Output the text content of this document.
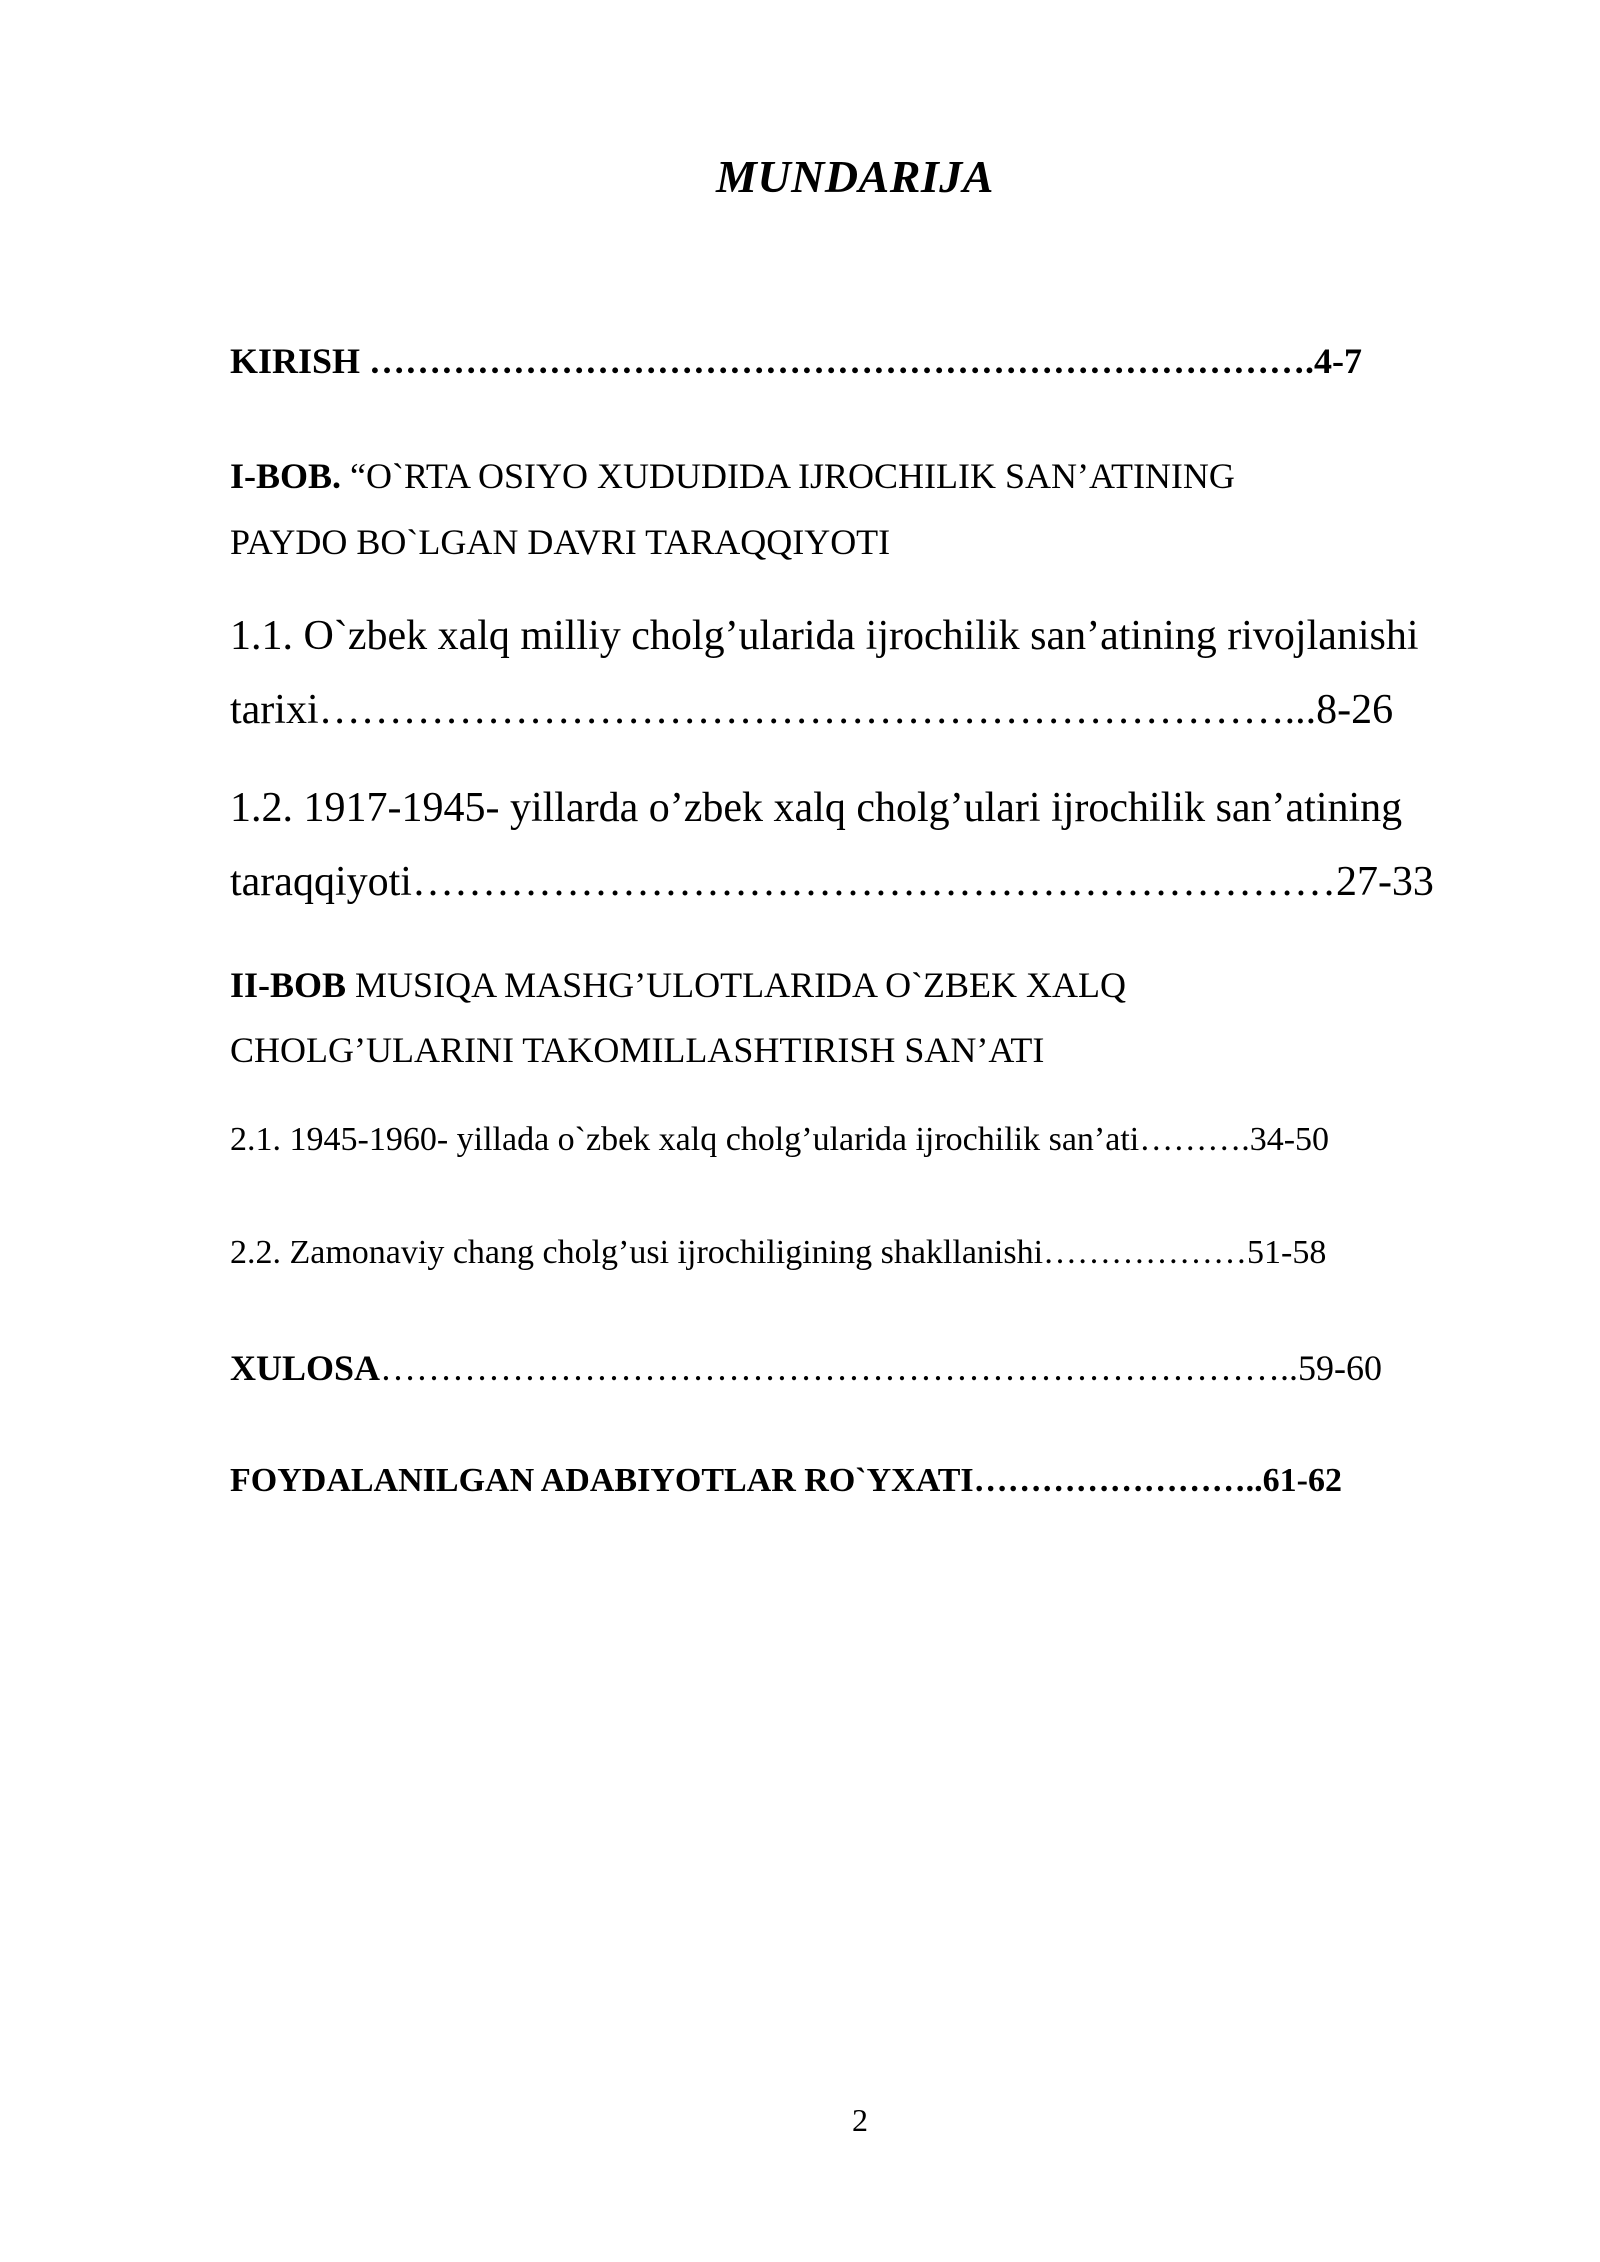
MUNDARIJA
KIRISH …………………………………………………………………….4-7
I-BOB. “O`RTA OSIYO XUDUDIDA IJROCHILIK SAN’ATINING
PAYDO BO`LGAN DAVRI TARAQQIYOTI
1.1. O`zbek xalq milliy cholg’ularida ijrochilik san’atining rivojlanishi
tarixi……………………………………………………………...8-26
1.2. 1917-1945- yillarda o’zbek xalq cholg’ulari ijrochilik san’atining
taraqqiyoti…………………………………………………………27-33
II-BOB MUSIQA MASHG’ULOTLARIDA O`ZBEK XALQ
CHOLG’ULARINI TAKOMILLASHTIRISH SAN’ATI
2.1. 1945-1960- yillada o`zbek xalq cholg’ularida ijrochilik san’ati……….34-50
2.2. Zamonaviy chang cholg’usi ijrochiligining shakllanishi………………51-58
XULOSA…………………………………………………………………..59-60
FOYDALANILGAN ADABIYOTLAR RO`YXATI……………………..61-62
2
